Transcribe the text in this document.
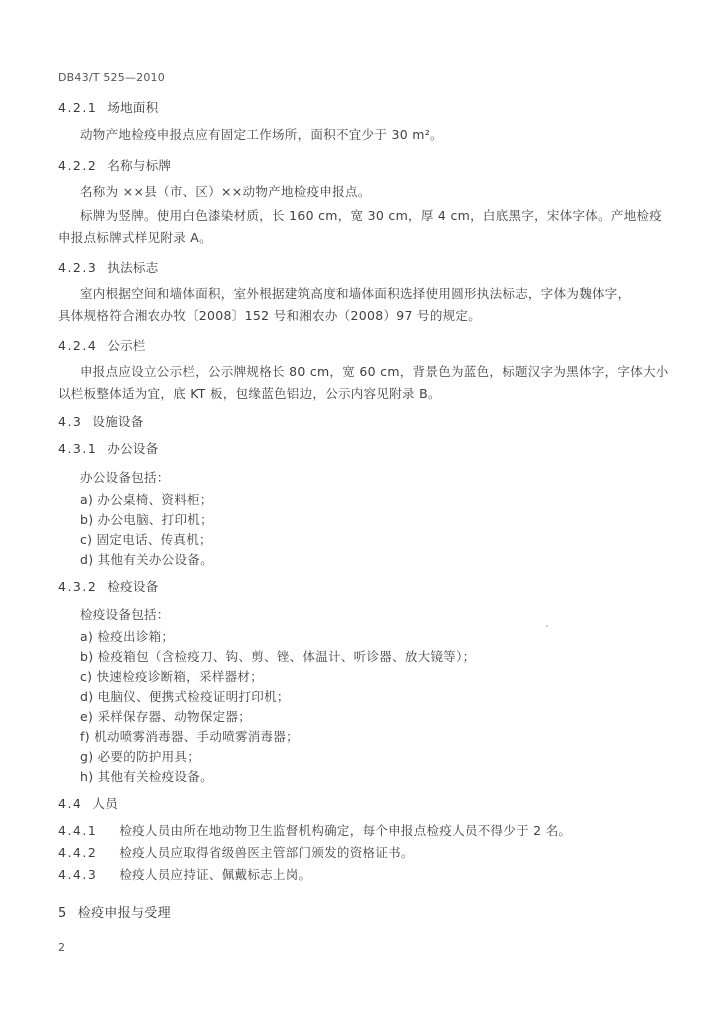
DB43/T 525—2010
4.2.1 场地面积
动物产地检疫申报点应有固定工作场所，面积不宜少于 30 m²。
4.2.2 名称与标牌
名称为 ××县（市、区）××动物产地检疫申报点。
标牌为竖牌。使用白色漆染材质，长 160 cm，宽 30 cm，厚 4 cm，白底黑字，宋体字体。产地检疫
申报点标牌式样见附录 A。
4.2.3 执法标志
室内根据空间和墙体面积，室外根据建筑高度和墙体面积选择使用圆形执法标志，字体为魏体字，
具体规格符合湘农办牧〔2008〕152 号和湘农办（2008）97 号的规定。
4.2.4 公示栏
申报点应设立公示栏，公示牌规格长 80 cm，宽 60 cm，背景色为蓝色，标题汉字为黑体字，字体大小
以栏板整体适为宜，底 KT 板，包缘蓝色铝边，公示内容见附录 B。
4.3 设施设备
4.3.1 办公设备
办公设备包括：
a) 办公桌椅、资料柜；
b) 办公电脑、打印机；
c) 固定电话、传真机；
d) 其他有关办公设备。
4.3.2 检疫设备
检疫设备包括：
a) 检疫出诊箱；
b) 检疫箱包（含检疫刀、钩、剪、锉、体温计、听诊器、放大镜等）；
c) 快速检疫诊断箱，采样器材；
d) 电脑仪、便携式检疫证明打印机；
e) 采样保存器、动物保定器；
f) 机动喷雾消毒器、手动喷雾消毒器；
g) 必要的防护用具；
h) 其他有关检疫设备。
4.4 人员
4.4.1 检疫人员由所在地动物卫生监督机构确定，每个申报点检疫人员不得少于 2 名。
4.4.2 检疫人员应取得省级兽医主管部门颁发的资格证书。
4.4.3 检疫人员应持证、佩戴标志上岗。
5 检疫申报与受理
2
